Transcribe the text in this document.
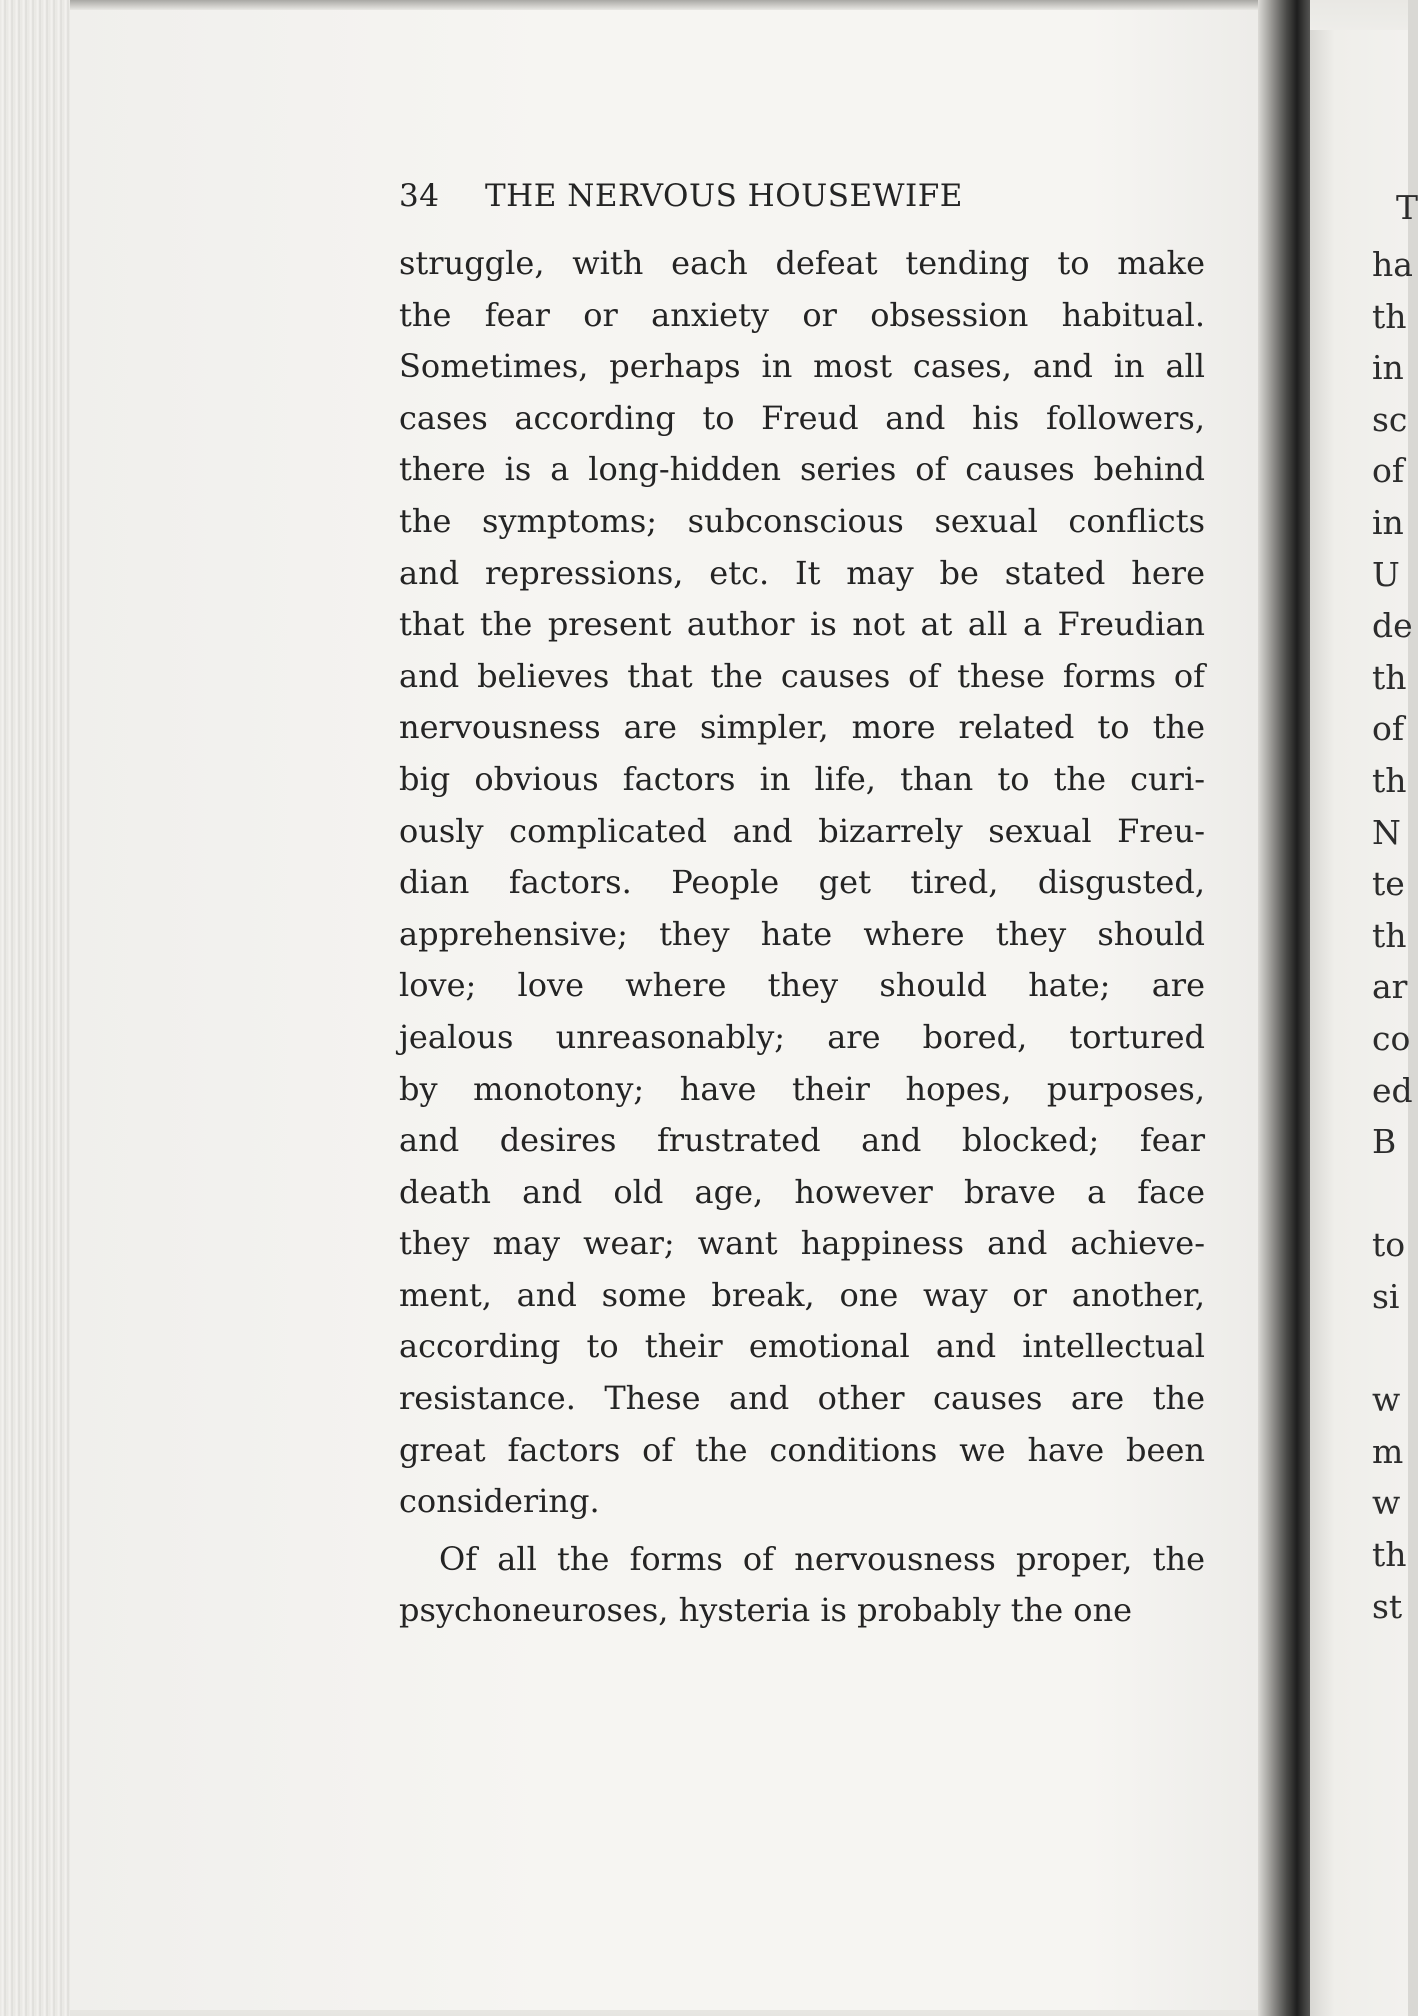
T
ha
th
in
sc
of
in
U
de
th
of
th
N
te
th
ar
co
ed
B
to
si
w
m
w
th
st
34	THE NERVOUS HOUSEWIFE
struggle, with each defeat tending to make
the fear or anxiety or obsession habitual.
Sometimes, perhaps in most cases, and in all
cases according to Freud and his followers,
there is a long-hidden series of causes behind
the symptoms; subconscious sexual conflicts
and repressions, etc. It may be stated here
that the present author is not at all a Freudian
and believes that the causes of these forms of
nervousness are simpler, more related to the
big obvious factors in life, than to the curi-
ously complicated and bizarrely sexual Freu-
dian factors. People get tired, disgusted,
apprehensive; they hate where they should
love; love where they should hate; are
jealous unreasonably; are bored, tortured
by monotony; have their hopes, purposes,
and desires frustrated and blocked; fear
death and old age, however brave a face
they may wear; want happiness and achieve-
ment, and some break, one way or another,
according to their emotional and intellectual
resistance. These and other causes are the
great factors of the conditions we have been
considering.
Of all the forms of nervousness proper, the
psychoneuroses, hysteria is probably the one
